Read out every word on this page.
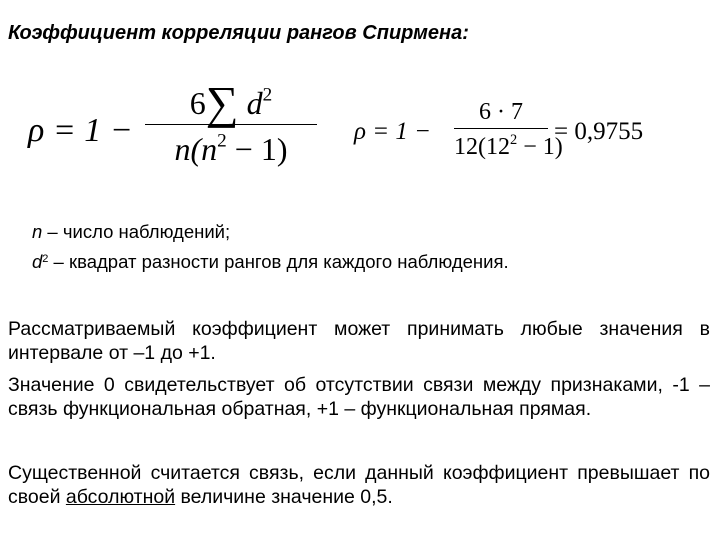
Коэффициент корреляции рангов Спирмена:
ρ = 1 −
6∑ $d^2$
$n(n^2 - 1)$	ρ = 1 −
6 · 7
$12(12^2 - 1)$
= 0,9755
n – число наблюдений;
$d^2$ – квадрат разности рангов для каждого наблюдения.
Рассматриваемый коэффициент может принимать любые значения в интервале от –1 до +1.
Значение 0 свидетельствует об отсутствии связи между признаками, -1 – связь функциональная обратная, +1 – функциональная прямая.
Существенной считается связь, если данный коэффициент превышает по своей абсолютной величине значение 0,5.
